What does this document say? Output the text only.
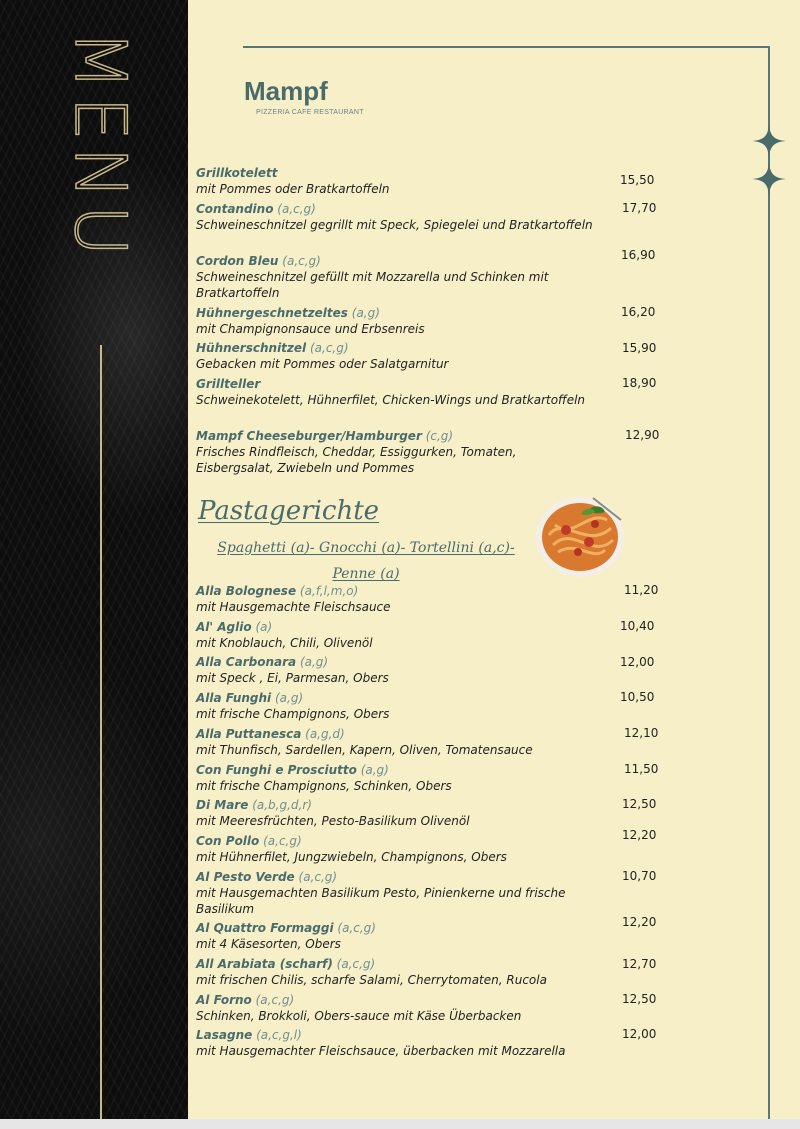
MENU	Mampf
PIZZERIA CAFE RESTAURANT
Grillkotelett
mit Pommes oder Bratkartoffeln
15,50
Contandino (a,c,g)
Schweineschnitzel gegrillt mit Speck, Spiegelei und Bratkartoffeln
17,70
Cordon Bleu (a,c,g)
Schweineschnitzel gefüllt mit Mozzarella und Schinken mit Bratkartoffeln
16,90
Hühnergeschnetzeltes (a,g)
mit Champignonsauce und Erbsenreis
16,20
Hühnerschnitzel (a,c,g)
Gebacken mit Pommes oder Salatgarnitur
15,90
Grillteller
Schweinekotelett, Hühnerfilet, Chicken-Wings und Bratkartoffeln
18,90
Mampf Cheeseburger/Hamburger (c,g)
Frisches Rindfleisch, Cheddar, Essiggurken, Tomaten, Eisbergsalat, Zwiebeln und Pommes
12,90
Pastagerichte
Spaghetti (a)- Gnocchi (a)- Tortellini (a,c)- Penne (a)
Alla Bolognese (a,f,l,m,o)
mit Hausgemachte Fleischsauce
11,20
Al' Aglio (a)
mit Knoblauch, Chili, Olivenöl
10,40
Alla Carbonara (a,g)
mit Speck , Ei, Parmesan, Obers
12,00
Alla Funghi (a,g)
mit frische Champignons, Obers
10,50
Alla Puttanesca (a,g,d)
mit Thunfisch, Sardellen, Kapern, Oliven, Tomatensauce
12,10
Con Funghi e Prosciutto (a,g)
mit frische Champignons, Schinken, Obers
11,50
Di Mare (a,b,g,d,r)
mit Meeresfrüchten, Pesto-Basilikum Olivenöl
12,50
Con Pollo (a,c,g)
mit Hühnerfilet, Jungzwiebeln, Champignons, Obers
12,20
Al Pesto Verde (a,c,g)
mit Hausgemachten Basilikum Pesto, Pinienkerne und frische Basilikum
10,70
Al Quattro Formaggi (a,c,g)
mit 4 Käsesorten, Obers
12,20
All Arabiata (scharf) (a,c,g)
mit frischen Chilis, scharfe Salami, Cherrytomaten, Rucola
12,70
Al Forno (a,c,g)
Schinken, Brokkoli, Obers-sauce mit Käse Überbacken
12,50
Lasagne (a,c,g,l)
mit Hausgemachter Fleischsauce, überbacken mit Mozzarella
12,00
